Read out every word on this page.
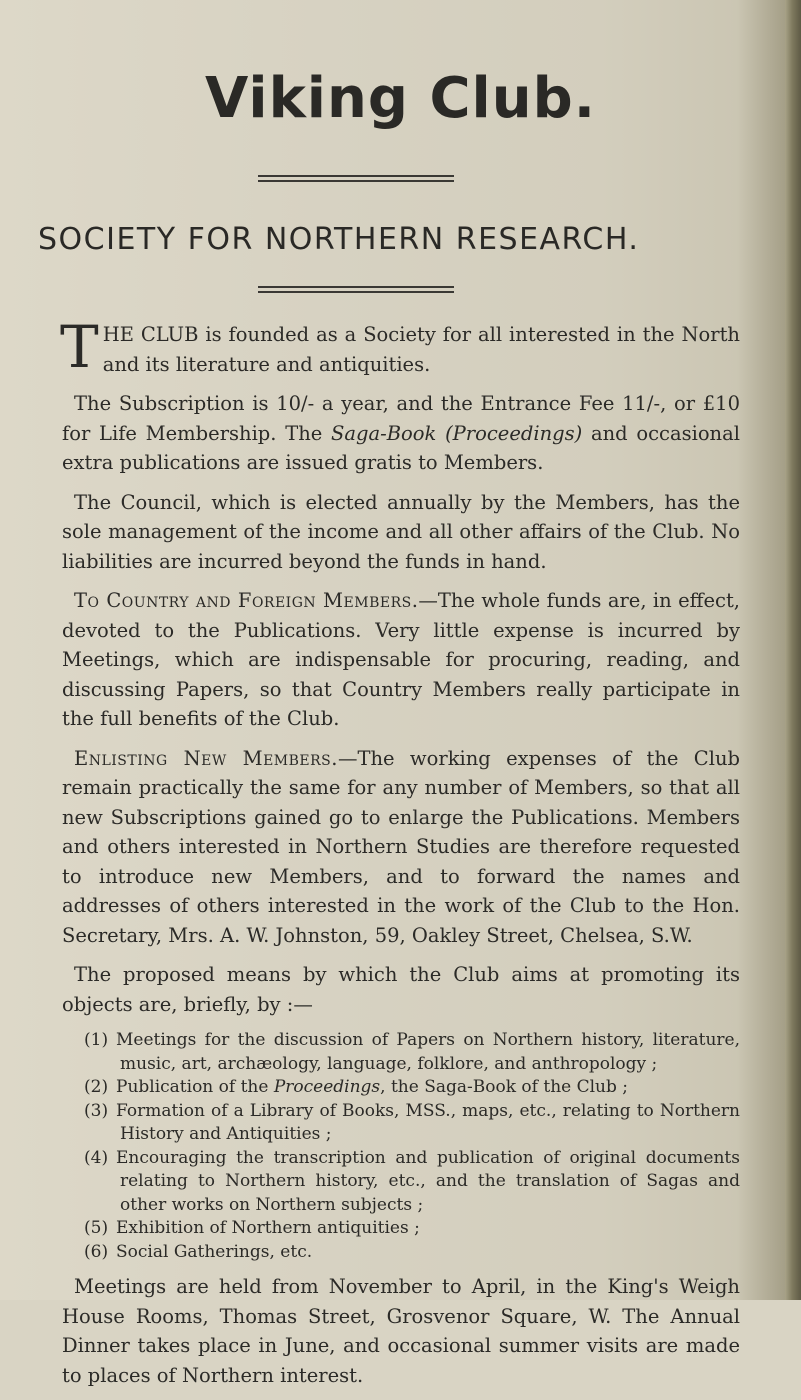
Viking Club.
SOCIETY FOR NORTHERN RESEARCH.

THE CLUB is founded as a Society for all interested in the North and its literature and antiquities.

The Subscription is 10/- a year, and the Entrance Fee 11/-, or £10 for Life Membership. The Saga-Book (Proceedings) and occasional extra publications are issued gratis to Members.

The Council, which is elected annually by the Members, has the sole management of the income and all other affairs of the Club. No liabilities are incurred beyond the funds in hand.

To Country and Foreign Members.—The whole funds are, in effect, devoted to the Publications. Very little expense is incurred by Meetings, which are indispensable for procuring, reading, and discussing Papers, so that Country Members really participate in the full benefits of the Club.

Enlisting New Members.—The working expenses of the Club remain practically the same for any number of Members, so that all new Subscriptions gained go to enlarge the Publications. Members and others interested in Northern Studies are therefore requested to introduce new Members, and to forward the names and addresses of others interested in the work of the Club to the Hon. Secretary, Mrs. A. W. Johnston, 59, Oakley Street, Chelsea, S.W.

The proposed means by which the Club aims at promoting its objects are, briefly, by :—

(1) Meetings for the discussion of Papers on Northern history, literature, music, art, archæology, language, folklore, and anthropology ;
(2) Publication of the Proceedings, the Saga-Book of the Club ;
(3) Formation of a Library of Books, MSS., maps, etc., relating to Northern History and Antiquities ;
(4) Encouraging the transcription and publication of original documents relating to Northern history, etc., and the translation of Sagas and other works on Northern subjects ;
(5) Exhibition of Northern antiquities ;
(6) Social Gatherings, etc.

Meetings are held from November to April, in the King's Weigh House Rooms, Thomas Street, Grosvenor Square, W. The Annual Dinner takes place in June, and occasional summer visits are made to places of Northern interest.
